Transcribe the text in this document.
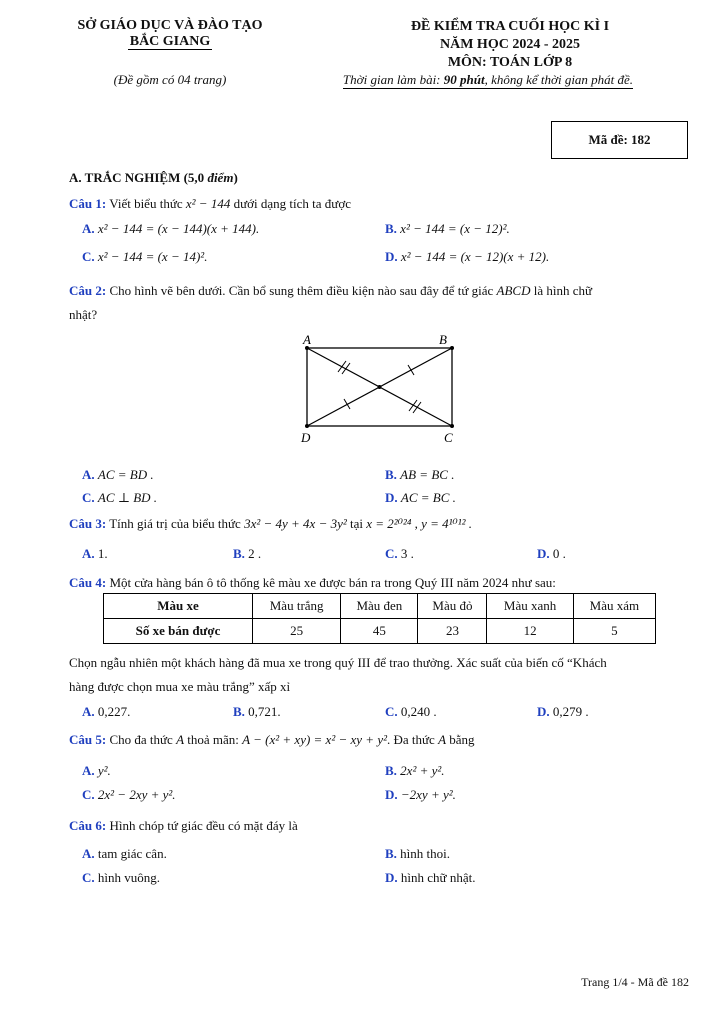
SỞ GIÁO DỤC VÀ ĐÀO TẠO
BẮC GIANG
(Đề gồm có 04 trang)
ĐỀ KIỂM TRA CUỐI HỌC KÌ I
NĂM HỌC 2024 - 2025
MÔN: TOÁN LỚP 8
Thời gian làm bài: 90 phút, không kể thời gian phát đề.
Mã đề: 182
A. TRẮC NGHIỆM (5,0 điểm)
Câu 1: Viết biểu thức x² − 144 dưới dạng tích ta được
A. x² − 144 = (x − 144)(x + 144).	B. x² − 144 = (x − 12)².
C. x² − 144 = (x − 14)².	D. x² − 144 = (x − 12)(x + 12).
Câu 2: Cho hình vẽ bên dưới. Cần bổ sung thêm điều kiện nào sau đây để tứ giác ABCD là hình chữ
nhật?
A	B
C
D
A. AC = BD .	B. AB = BC .
C. AC ⊥ BD .	D. AC = BC .
Câu 3: Tính giá trị của biểu thức 3x² − 4y + 4x − 3y² tại x = 2²⁰²⁴ , y = 4¹⁰¹² .
A. 1.	B. 2 .	C. 3 .	D. 0 .
Câu 4: Một cửa hàng bán ô tô thống kê màu xe được bán ra trong Quý III năm 2024 như sau:
Màu xe	Màu trắng	Màu đen	Màu đỏ	Màu xanh	Màu xám
Số xe bán được	25	45	23	12	5
Chọn ngẫu nhiên một khách hàng đã mua xe trong quý III để trao thưởng. Xác suất của biến cố “Khách
hàng được chọn mua xe màu trắng” xấp xỉ
A. 0,227.	B. 0,721.	C. 0,240 .	D. 0,279 .
Câu 5: Cho đa thức A thoả mãn: A − (x² + xy) = x² − xy + y². Đa thức A bằng
A. y².	B. 2x² + y².
C. 2x² − 2xy + y².	D. −2xy + y².
Câu 6: Hình chóp tứ giác đều có mặt đáy là
A. tam giác cân.	B. hình thoi.
C. hình vuông.	D. hình chữ nhật.
Trang 1/4 - Mã đề 182
